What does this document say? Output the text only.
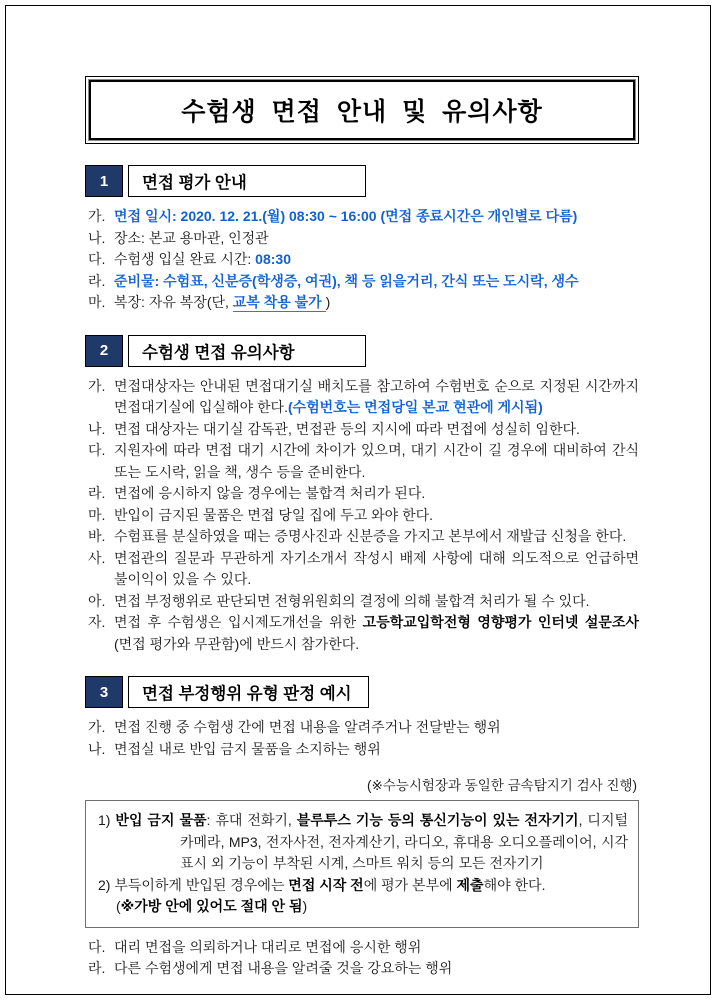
수험생 면접 안내 및 유의사항
1	면접 평가 안내
가. 면접 일시: 2020. 12. 21.(월) 08:30 ~ 16:00 (면접 종료시간은 개인별로 다름)
나. 장소: 본교 용마관, 인정관
다. 수험생 입실 완료 시간: 08:30
라. 준비물: 수험표, 신분증(학생증, 여권), 책 등 읽을거리, 간식 또는 도시락, 생수
마. 복장: 자유 복장(단, 교복 착용 불가 )
2	수험생 면접 유의사항
가. 면접대상자는 안내된 면접대기실 배치도를 참고하여 수험번호 순으로 지정된 시간까지 면접대기실에 입실해야 한다.(수험번호는 면접당일 본교 현관에 게시됨)
나. 면접 대상자는 대기실 감독관, 면접관 등의 지시에 따라 면접에 성실히 임한다.
다. 지원자에 따라 면접 대기 시간에 차이가 있으며, 대기 시간이 길 경우에 대비하여 간식 또는 도시락, 읽을 책, 생수 등을 준비한다.
라. 면접에 응시하지 않을 경우에는 불합격 처리가 된다.
마. 반입이 금지된 물품은 면접 당일 집에 두고 와야 한다.
바. 수험표를 분실하였을 때는 증명사진과 신분증을 가지고 본부에서 재발급 신청을 한다.
사. 면접관의 질문과 무관하게 자기소개서 작성시 배제 사항에 대해 의도적으로 언급하면 불이익이 있을 수 있다.
아. 면접 부정행위로 판단되면 전형위원회의 결정에 의해 불합격 처리가 될 수 있다.
자. 면접 후 수험생은 입시제도개선을 위한 고등학교입학전형 영향평가 인터넷 설문조사(면접 평가와 무관함)에 반드시 참가한다.
3	면접 부정행위 유형 판정 예시
가. 면접 진행 중 수험생 간에 면접 내용을 알려주거나 전달받는 행위
나. 면접실 내로 반입 금지 물품을 소지하는 행위
(※수능시험장과 동일한 금속탐지기 검사 진행)
1) 반입 금지 물품: 휴대 전화기, 블루투스 기능 등의 통신기능이 있는 전자기기, 디지털 카메라, MP3, 전자사전, 전자계산기, 라디오, 휴대용 오디오플레이어, 시각 표시 외 기능이 부착된 시계, 스마트 워치 등의 모든 전자기기
2) 부득이하게 반입된 경우에는 면접 시작 전에 평가 본부에 제출해야 한다.
(※가방 안에 있어도 절대 안 됨)
다. 대리 면접을 의뢰하거나 대리로 면접에 응시한 행위
라. 다른 수험생에게 면접 내용을 알려줄 것을 강요하는 행위
